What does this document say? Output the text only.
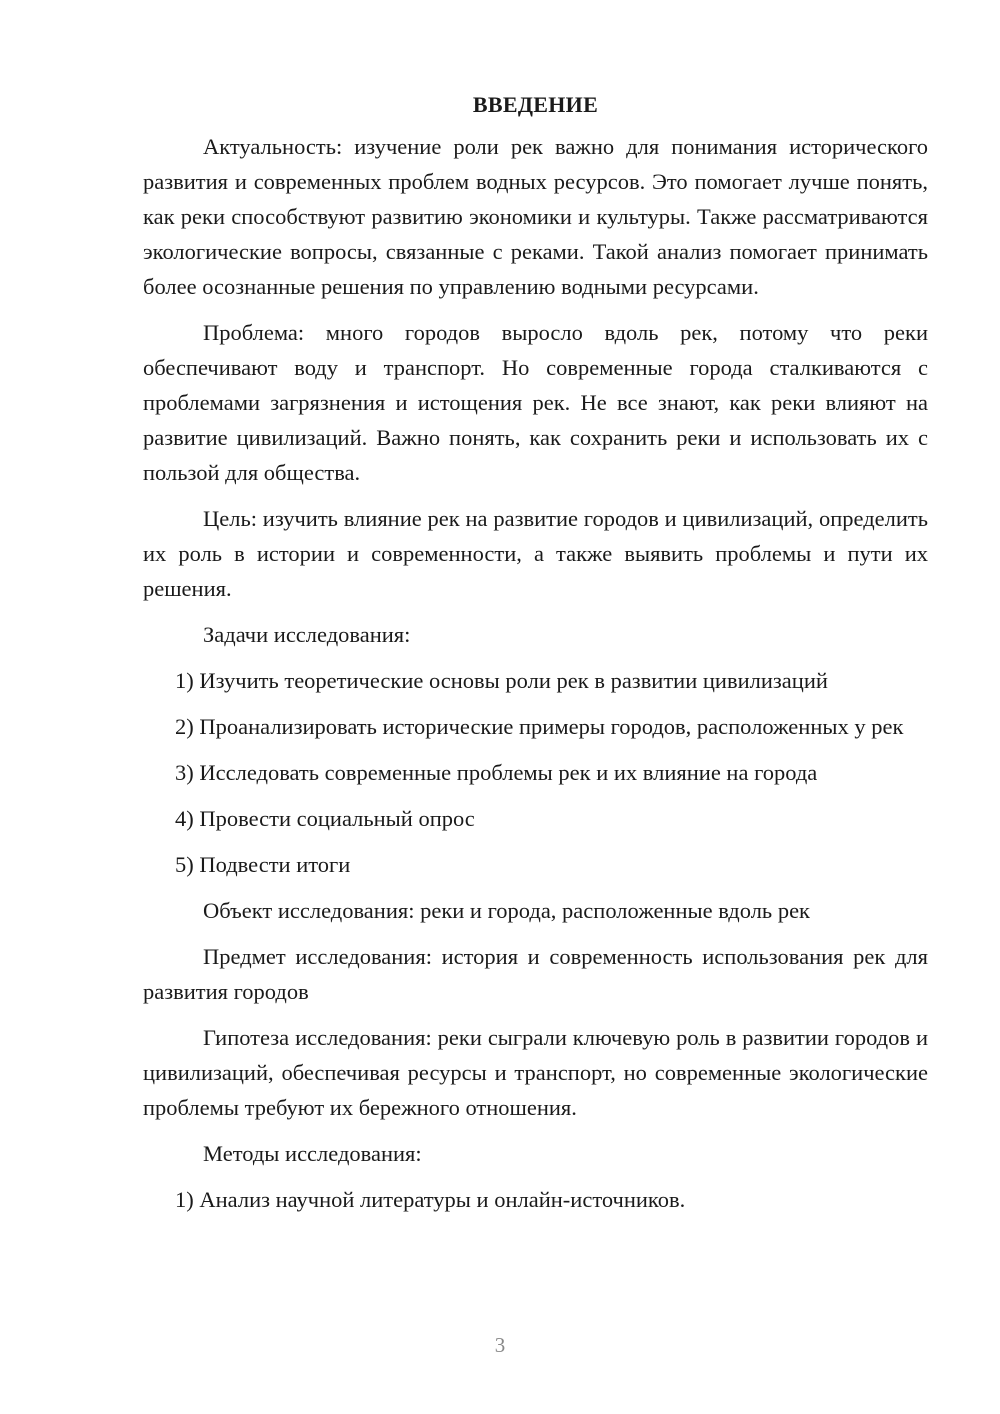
ВВЕДЕНИЕ

Актуальность: изучение роли рек важно для понимания исторического развития и современных проблем водных ресурсов. Это помогает лучше понять, как реки способствуют развитию экономики и культуры. Также рассматриваются экологические вопросы, связанные с реками. Такой анализ помогает принимать более осознанные решения по управлению водными ресурсами.

Проблема: много городов выросло вдоль рек, потому что реки обеспечивают воду и транспорт. Но современные города сталкиваются с проблемами загрязнения и истощения рек. Не все знают, как реки влияют на развитие цивилизаций. Важно понять, как сохранить реки и использовать их с пользой для общества.

Цель: изучить влияние рек на развитие городов и цивилизаций, определить их роль в истории и современности, а также выявить проблемы и пути их решения.

Задачи исследования:

1) Изучить теоретические основы роли рек в развитии цивилизаций

2) Проанализировать исторические примеры городов, расположенных у рек

3) Исследовать современные проблемы рек и их влияние на города

4) Провести социальный опрос

5) Подвести итоги

Объект исследования: реки и города, расположенные вдоль рек

Предмет исследования: история и современность использования рек для развития городов

Гипотеза исследования: реки сыграли ключевую роль в развитии городов и цивилизаций, обеспечивая ресурсы и транспорт, но современные экологические проблемы требуют их бережного отношения.

Методы исследования:

1) Анализ научной литературы и онлайн-источников.

3
